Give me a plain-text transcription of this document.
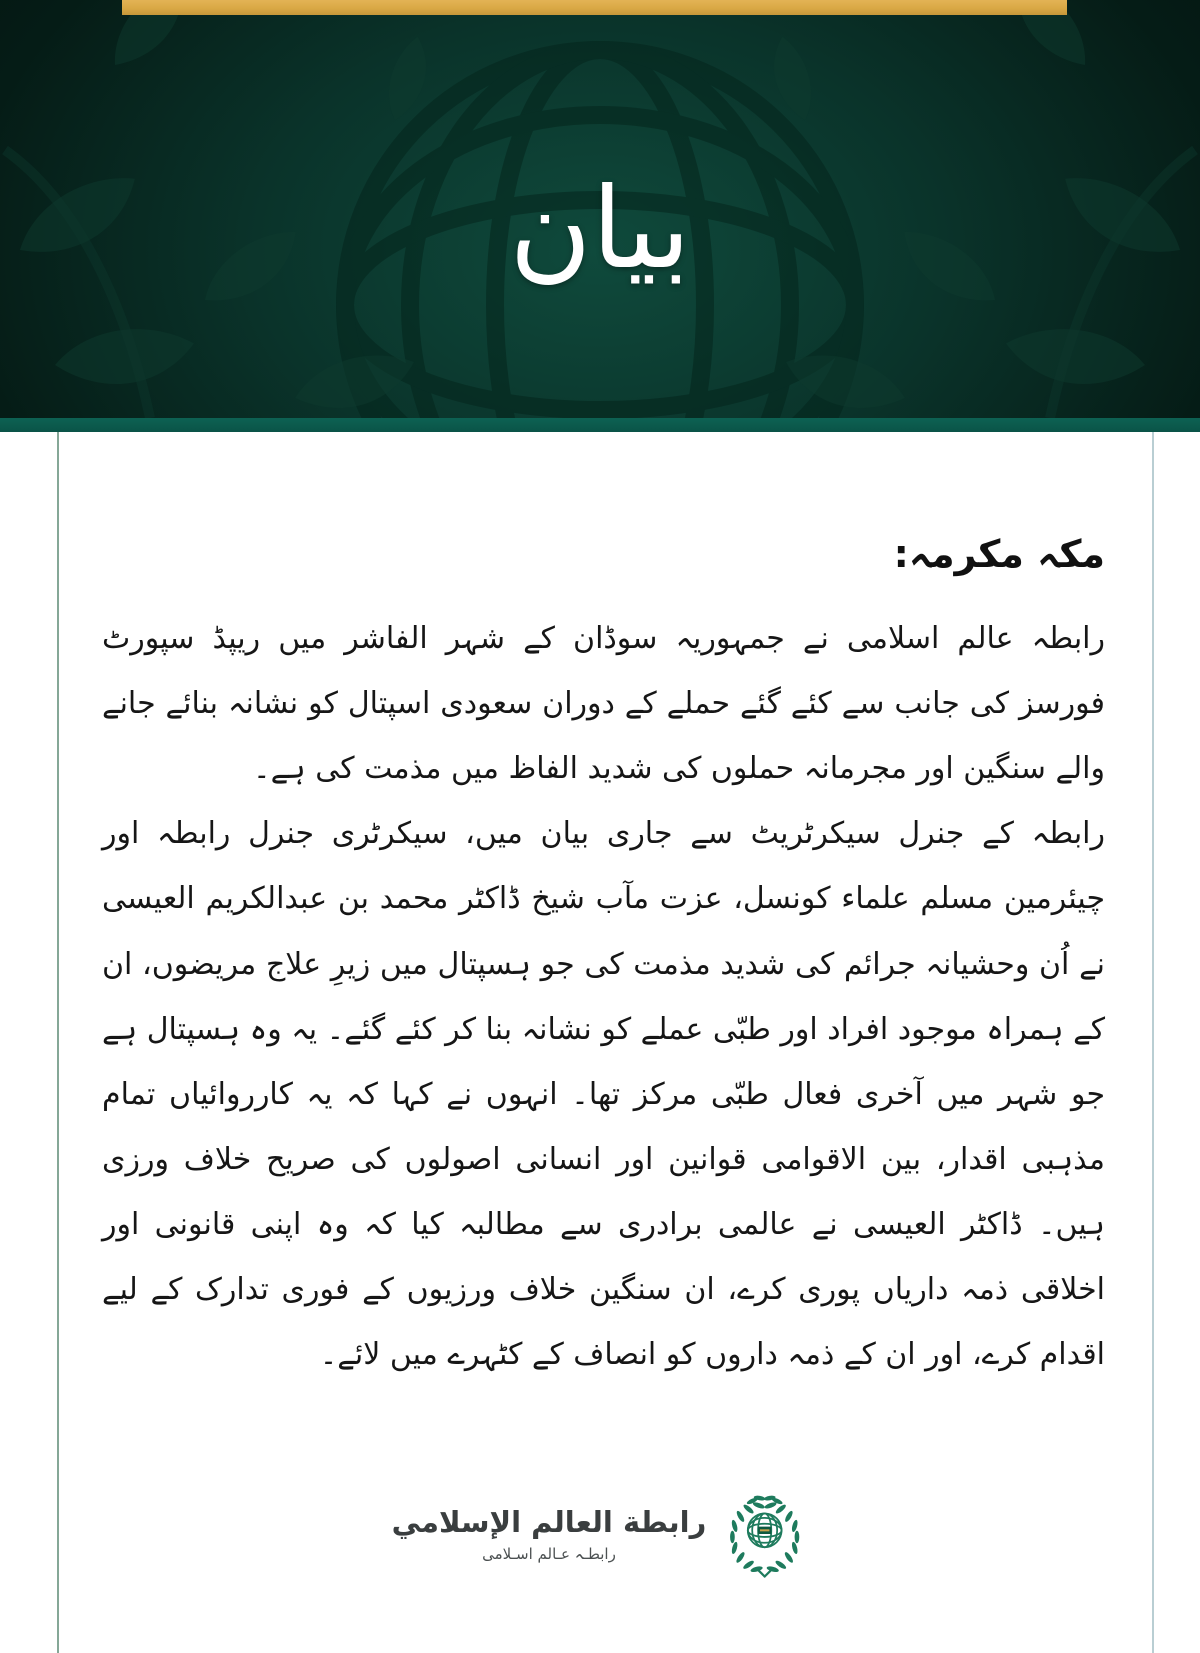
بیان
مکہ مکرمہ:

رابطہ عالم اسلامی نے جمہوریہ سوڈان کے شہر الفاشر میں ریپڈ سپورٹ فورسز کی جانب سے کئے گئے حملے کے دوران سعودی اسپتال کو نشانہ بنائے جانے والے سنگین اور مجرمانہ حملوں کی شدید الفاظ میں مذمت کی ہے۔

رابطہ کے جنرل سیکرٹریٹ سے جاری بیان میں، سیکرٹری جنرل رابطہ اور چیئرمین مسلم علماء کونسل، عزت مآب شیخ ڈاکٹر محمد بن عبدالکریم العیسی نے اُن وحشیانہ جرائم کی شدید مذمت کی جو ہسپتال میں زیرِ علاج مریضوں، ان کے ہمراہ موجود افراد اور طبّی عملے کو نشانہ بنا کر کئے گئے۔ یہ وہ ہسپتال ہے جو شہر میں آخری فعال طبّی مرکز تھا۔ انہوں نے کہا کہ یہ کارروائیاں تمام مذہبی اقدار، بین الاقوامی قوانین اور انسانی اصولوں کی صریح خلاف ورزی ہیں۔ ڈاکٹر العیسی نے عالمی برادری سے مطالبہ کیا کہ وہ اپنی قانونی اور اخلاقی ذمہ داریاں پوری کرے، ان سنگین خلاف ورزیوں کے فوری تدارک کے لیے اقدام کرے، اور ان کے ذمہ داروں کو انصاف کے کٹہرے میں لائے۔

رابطة العالم الإسلامي
رابطـہ عـالم اسـلامی
